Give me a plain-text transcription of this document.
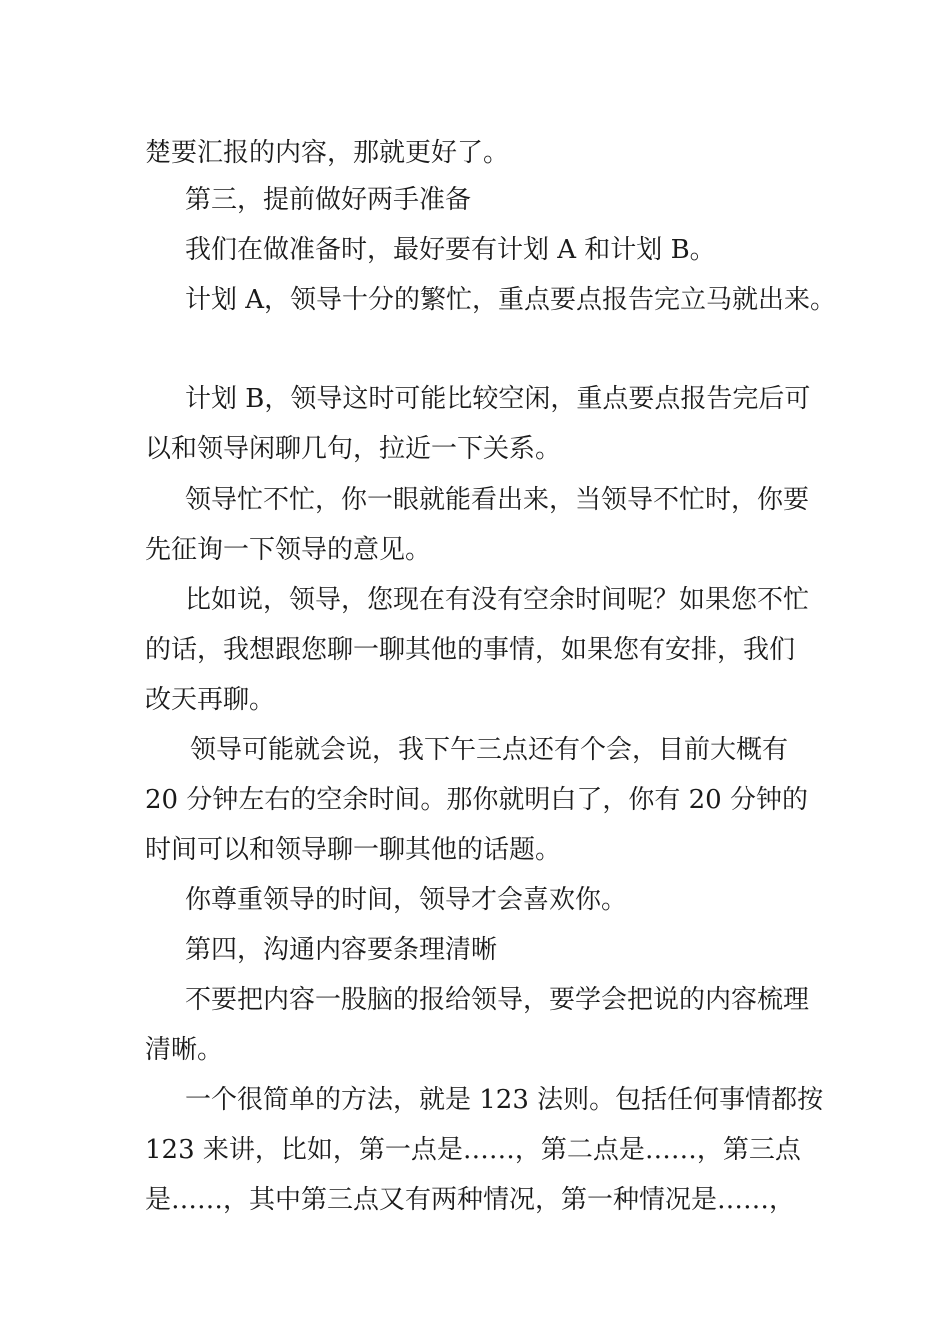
楚要汇报的内容，那就更好了。
第三，提前做好两手准备
我们在做准备时，最好要有计划 A 和计划 B。
计划 A，领导十分的繁忙，重点要点报告完立马就出来。
计划 B，领导这时可能比较空闲，重点要点报告完后可
以和领导闲聊几句，拉近一下关系。
领导忙不忙，你一眼就能看出来，当领导不忙时，你要
先征询一下领导的意见。
比如说，领导，您现在有没有空余时间呢？如果您不忙
的话，我想跟您聊一聊其他的事情，如果您有安排，我们
改天再聊。
领导可能就会说，我下午三点还有个会，目前大概有
20 分钟左右的空余时间。那你就明白了，你有 20 分钟的
时间可以和领导聊一聊其他的话题。
你尊重领导的时间，领导才会喜欢你。
第四，沟通内容要条理清晰
不要把内容一股脑的报给领导，要学会把说的内容梳理
清晰。
一个很简单的方法，就是 123 法则。包括任何事情都按
123 来讲，比如，第一点是……，第二点是……，第三点
是……，其中第三点又有两种情况，第一种情况是……，
